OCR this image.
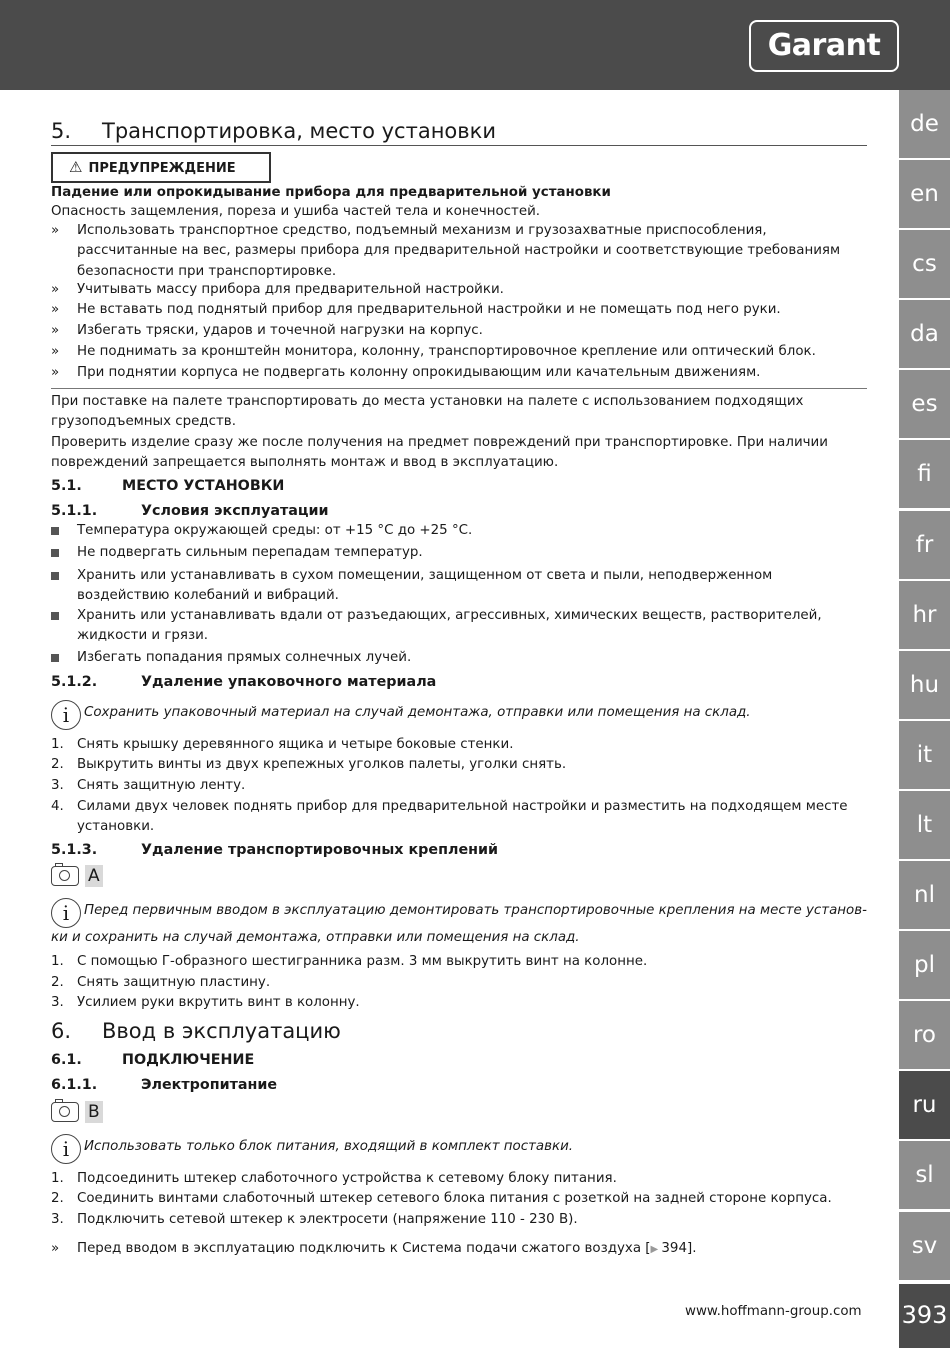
Garant
de
en
cs
da
es
fi
fr
hr
hu
it
lt
nl
pl
ro
ru
sl
sv
393
5. Транспортировка, место установки
⚠ ПРЕДУПРЕЖДЕНИЕ
Падение или опрокидывание прибора для предварительной установки
Опасность защемления, пореза и ушиба частей тела и конечностей.
»	Использовать транспортное средство, подъемный механизм и грузозахватные приспособления, рассчитанные на вес, размеры прибора для предварительной настройки и соответствующие требованиям безопасности при транспортировке.
»	Учитывать массу прибора для предварительной настройки.
»	Не вставать под поднятый прибор для предварительной настройки и не помещать под него руки.
»	Избегать тряски, ударов и точечной нагрузки на корпус.
»	Не поднимать за кронштейн монитора, колонну, транспортировочное крепление или оптический блок.
»	При поднятии корпуса не подвергать колонну опрокидывающим или качательным движениям.
При поставке на палете транспортировать до места установки на палете с использованием подходящих грузоподъемных средств.
Проверить изделие сразу же после получения на предмет повреждений при транспортировке. При наличии повреждений запрещается выполнять монтаж и ввод в эксплуатацию.
5.1.	МЕСТО УСТАНОВКИ
5.1.1.	Условия эксплуатации
Температура окружающей среды: от +15 °C до +25 °C.
Не подвергать сильным перепадам температур.
Хранить или устанавливать в сухом помещении, защищенном от света и пыли, неподверженном воздействию колебаний и вибраций.
Хранить или устанавливать вдали от разъедающих, агрессивных, химических веществ, растворителей, жидкости и грязи.
Избегать попадания прямых солнечных лучей.
5.1.2.	Удаление упаковочного материала
i Сохранить упаковочный материал на случай демонтажа, отправки или помещения на склад.
1. Снять крышку деревянного ящика и четыре боковые стенки.
2. Выкрутить винты из двух крепежных уголков палеты, уголки снять.
3. Снять защитную ленту.
4. Силами двух человек поднять прибор для предварительной настройки и разместить на подходящем месте установки.
5.1.3.	Удаление транспортировочных креплений
A
i Перед первичным вводом в эксплуатацию демонтировать транспортировочные крепления на месте установки и сохранить на случай демонтажа, отправки или помещения на склад.
1. С помощью Г-образного шестигранника разм. 3 мм выкрутить винт на колонне.
2. Снять защитную пластину.
3. Усилием руки вкрутить винт в колонну.
6. Ввод в эксплуатацию
6.1.	ПОДКЛЮЧЕНИЕ
6.1.1.	Электропитание
B
i Использовать только блок питания, входящий в комплект поставки.
1. Подсоединить штекер слаботочного устройства к сетевому блоку питания.
2. Соединить винтами слаботочный штекер сетевого блока питания с розеткой на задней стороне корпуса.
3. Подключить сетевой штекер к электросети (напряжение 110 - 230 В).
»	Перед вводом в эксплуатацию подключить к Система подачи сжатого воздуха [▶ 394].
www.hoffmann-group.com
